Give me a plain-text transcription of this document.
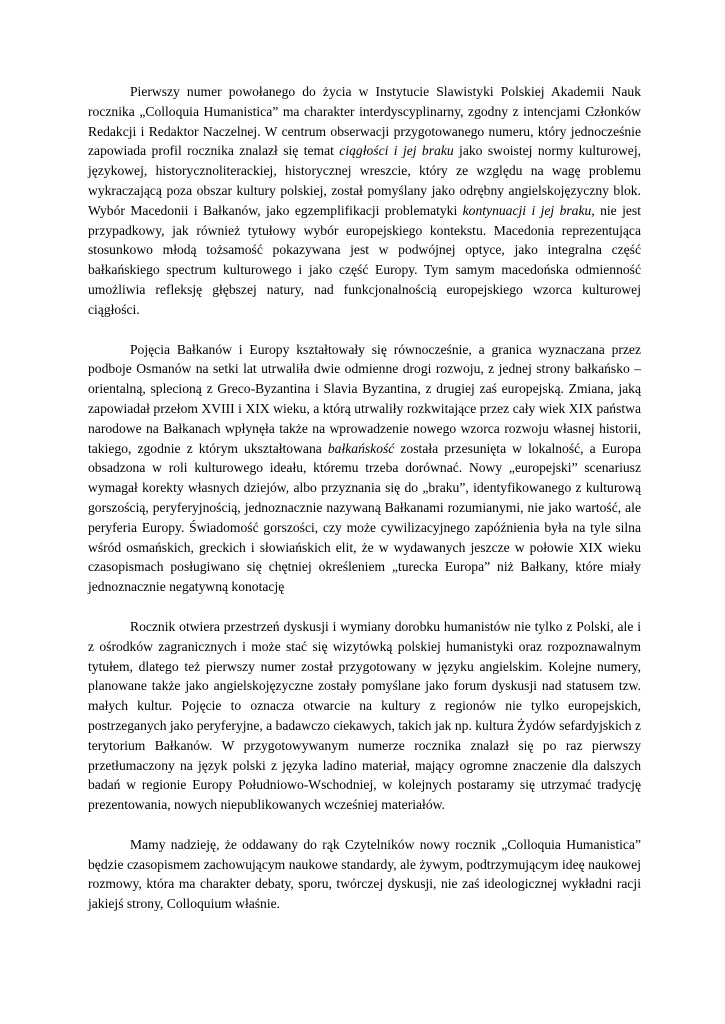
Pierwszy numer powołanego do życia w Instytucie Slawistyki Polskiej Akademii Nauk rocznika „Colloquia Humanistica” ma charakter interdyscyplinarny, zgodny z intencjami Członków Redakcji i Redaktor Naczelnej. W centrum obserwacji przygotowanego numeru, który jednocześnie zapowiada profil rocznika znalazł się temat ciągłości i jej braku jako swoistej normy kulturowej, językowej, historycznoliterackiej, historycznej wreszcie, który ze względu na wagę problemu wykraczającą poza obszar kultury polskiej, został pomyślany jako odrębny angielskojęzyczny blok. Wybór Macedonii i Bałkanów, jako egzemplifikacji problematyki kontynuacji i jej braku, nie jest przypadkowy, jak również tytułowy wybór europejskiego kontekstu. Macedonia reprezentująca stosunkowo młodą tożsamość pokazywana jest w podwójnej optyce, jako integralna część bałkańskiego spectrum kulturowego i jako część Europy. Tym samym macedońska odmienność umożliwia refleksję głębszej natury, nad funkcjonalnością europejskiego wzorca kulturowej ciągłości.

Pojęcia Bałkanów i Europy kształtowały się równocześnie, a granica wyznaczana przez podboje Osmanów na setki lat utrwaliła dwie odmienne drogi rozwoju, z jednej strony bałkańsko – orientalną, splecioną z Greco-Byzantina i Slavia Byzantina, z drugiej zaś europejską. Zmiana, jaką zapowiadał przełom XVIII i XIX wieku, a którą utrwaliły rozkwitające przez cały wiek XIX państwa narodowe na Bałkanach wpłynęła także na wprowadzenie nowego wzorca rozwoju własnej historii, takiego, zgodnie z którym ukształtowana bałkańskość została przesunięta w lokalność, a Europa obsadzona w roli kulturowego ideału, któremu trzeba dorównać. Nowy „europejski” scenariusz wymagał korekty własnych dziejów, albo przyznania się do „braku”, identyfikowanego z kulturową gorszością, peryferyjnością, jednoznacznie nazywaną Bałkanami rozumianymi, nie jako wartość, ale peryferia Europy. Świadomość gorszości, czy może cywilizacyjnego zapóźnienia była na tyle silna wśród osmańskich, greckich i słowiańskich elit, że w wydawanych jeszcze w połowie XIX wieku czasopismach posługiwano się chętniej określeniem „turecka Europa” niż Bałkany, które miały jednoznacznie negatywną konotację

Rocznik otwiera przestrzeń dyskusji i wymiany dorobku humanistów nie tylko z Polski, ale i z ośrodków zagranicznych i może stać się wizytówką polskiej humanistyki oraz rozpoznawalnym tytułem, dlatego też pierwszy numer został przygotowany w języku angielskim. Kolejne numery, planowane także jako angielskojęzyczne zostały pomyślane jako forum dyskusji nad statusem tzw. małych kultur. Pojęcie to oznacza otwarcie na kultury z regionów nie tylko europejskich, postrzeganych jako peryferyjne, a badawczo ciekawych, takich jak np. kultura Żydów sefardyjskich z terytorium Bałkanów. W przygotowywanym numerze rocznika znalazł się po raz pierwszy przetłumaczony na język polski z języka ladino materiał, mający ogromne znaczenie dla dalszych badań w regionie Europy Południowo-Wschodniej, w kolejnych postaramy się utrzymać tradycję prezentowania, nowych niepublikowanych wcześniej materiałów.

Mamy nadzieję, że oddawany do rąk Czytelników nowy rocznik „Colloquia Humanistica” będzie czasopismem zachowującym naukowe standardy, ale żywym, podtrzymującym ideę naukowej rozmowy, która ma charakter debaty, sporu, twórczej dyskusji, nie zaś ideologicznej wykładni racji jakiejś strony, Colloquium właśnie.
